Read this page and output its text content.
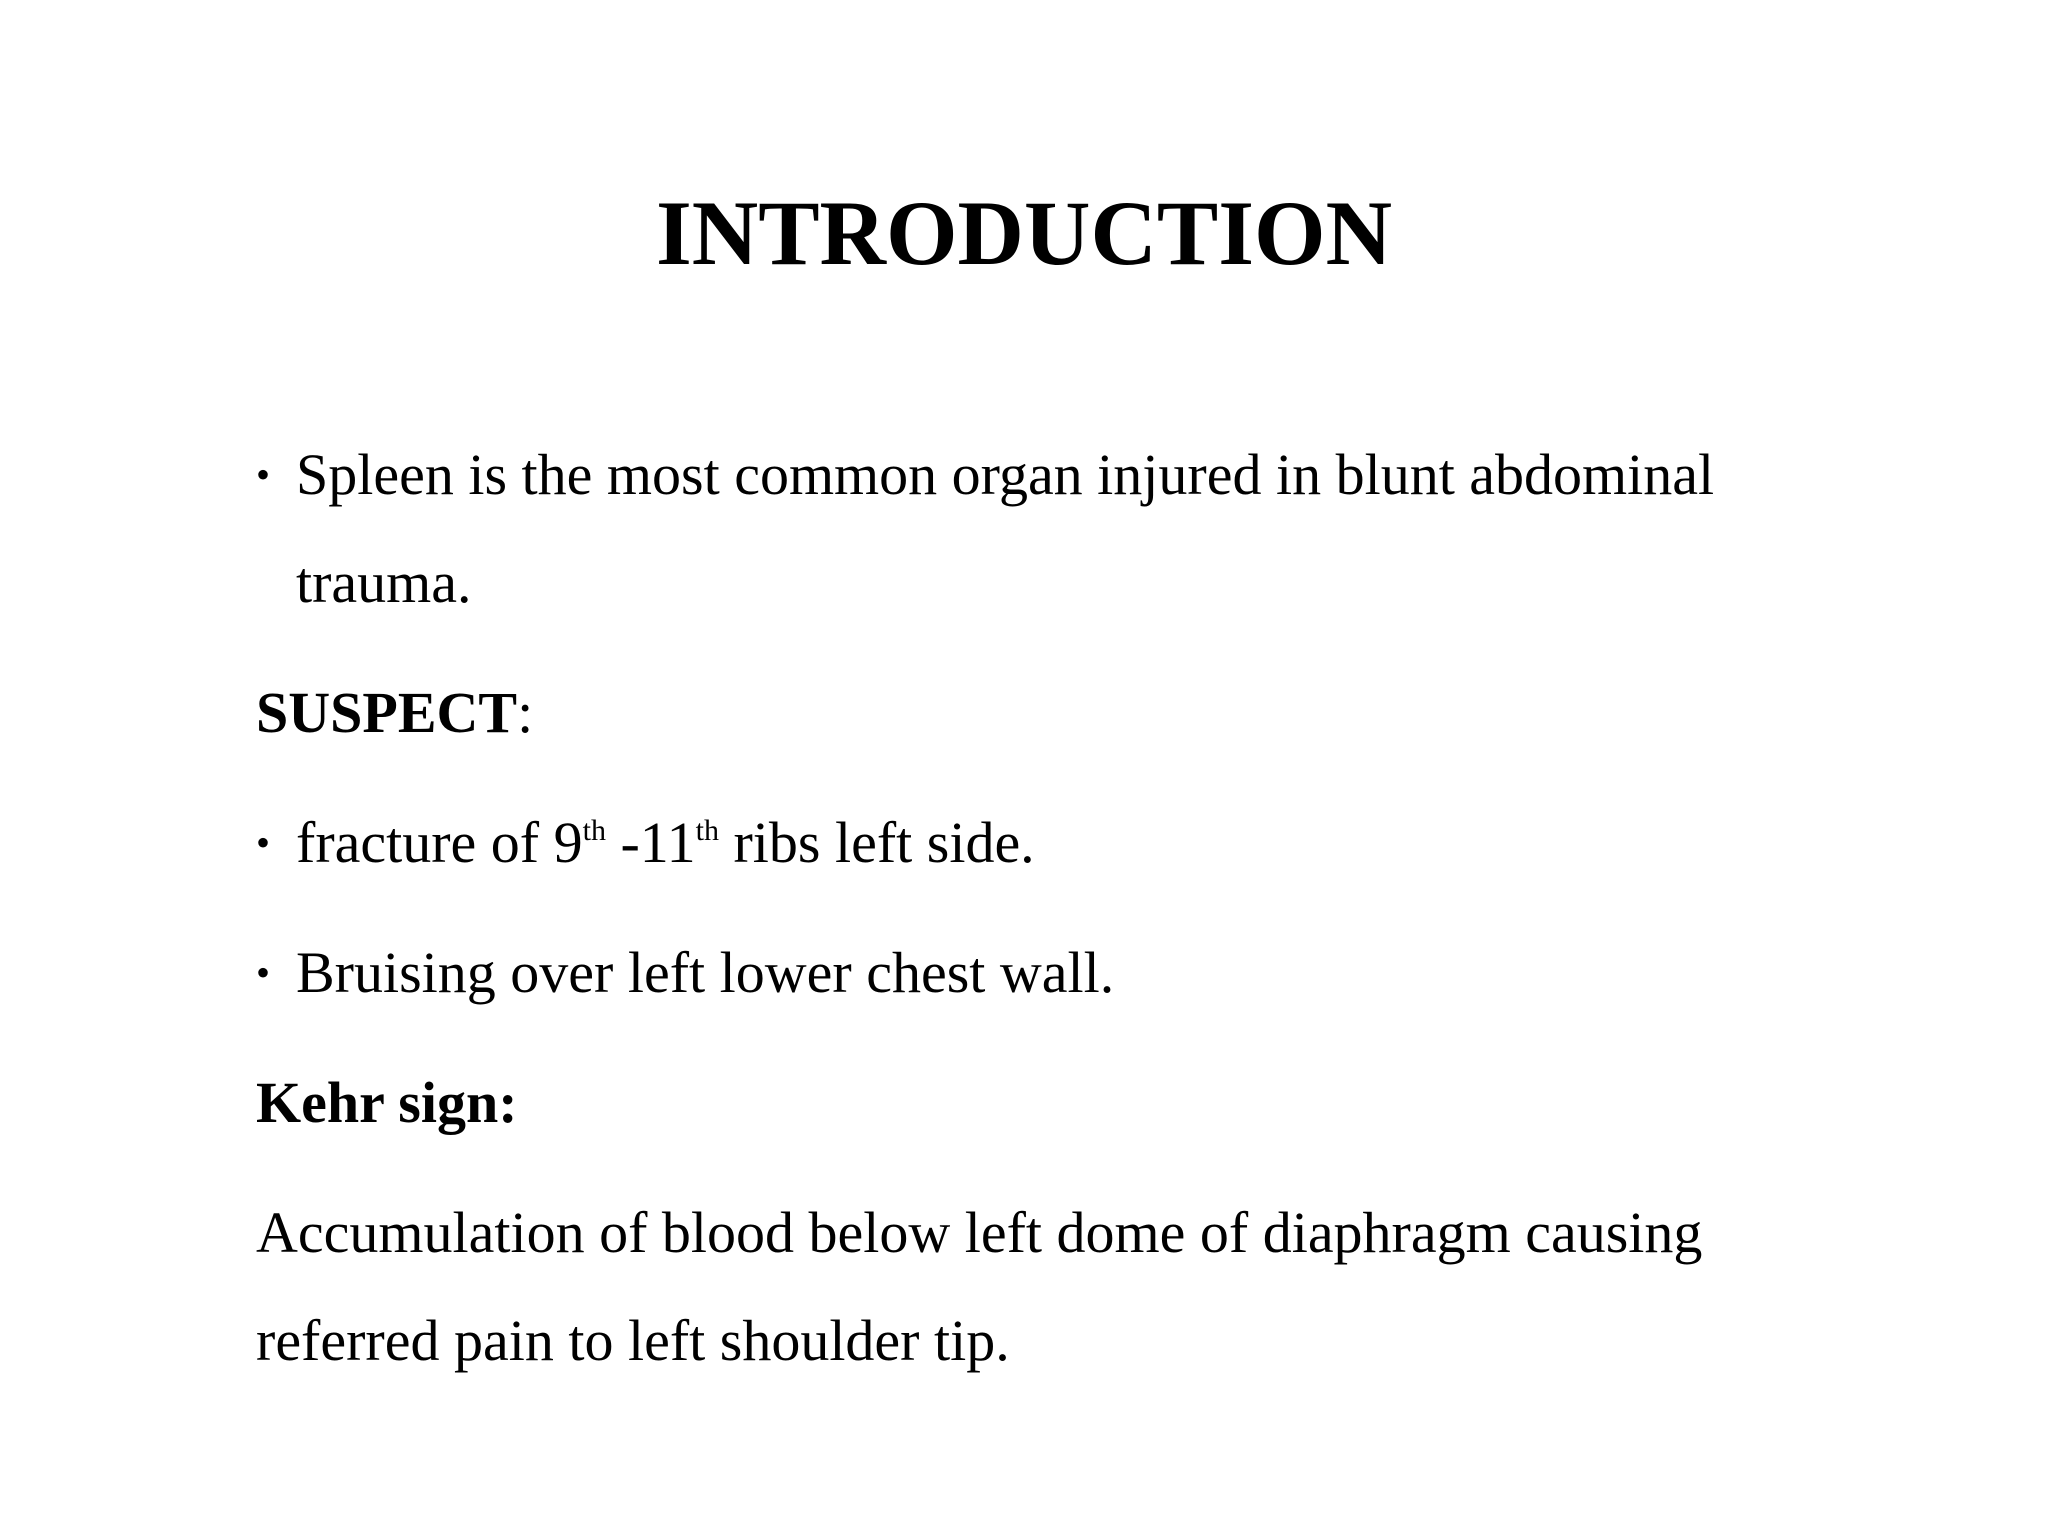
INTRODUCTION
• Spleen is the most common organ injured in blunt abdominal
trauma.
SUSPECT:
• fracture of 9th -11th ribs left side.
• Bruising over left lower chest wall.
Kehr sign:
Accumulation of blood below left dome of diaphragm causing
referred pain to left shoulder tip.
